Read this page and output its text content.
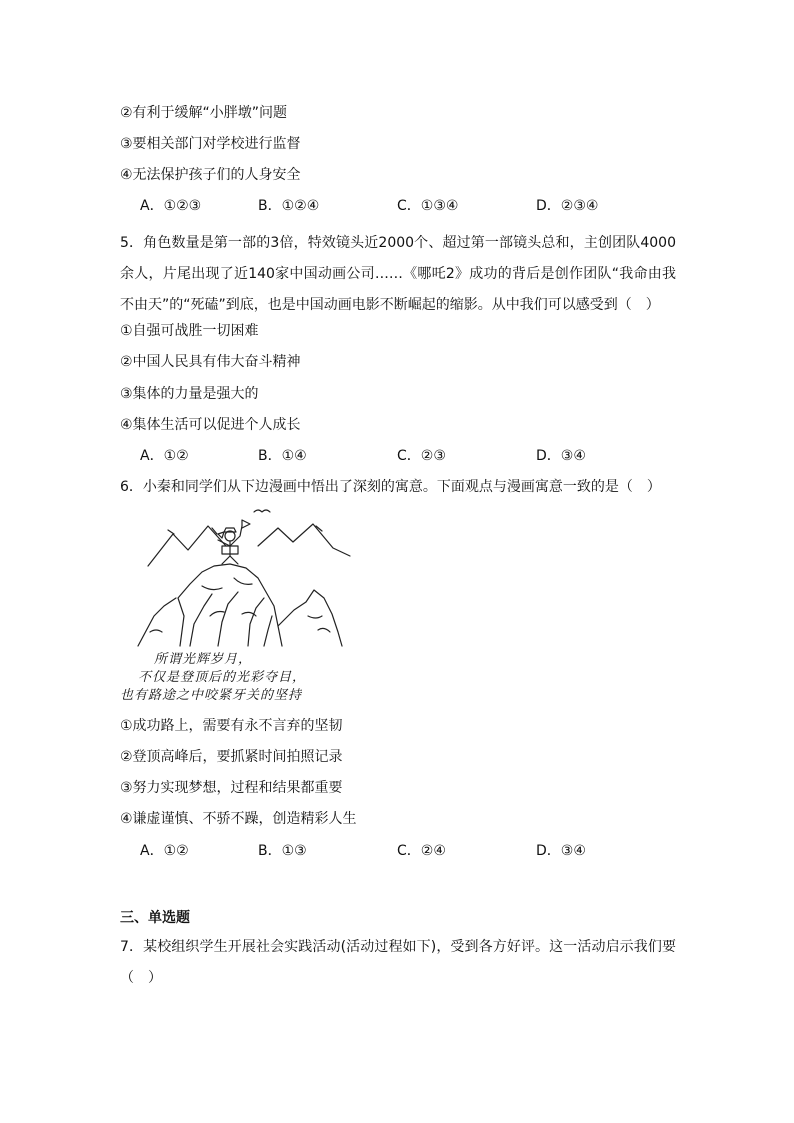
②有利于缓解“小胖墩”问题
③要相关部门对学校进行监督
④无法保护孩子们的人身安全
A．①②③	B．①②④	C．①③④	D．②③④
5．角色数量是第一部的3倍，特效镜头近2000个、超过第一部镜头总和，主创团队4000余人，片尾出现了近140家中国动画公司……《哪吒2》成功的背后是创作团队“我命由我不由天”的“死磕”到底，也是中国动画电影不断崛起的缩影。从中我们可以感受到（　）
①自强可战胜一切困难
②中国人民具有伟大奋斗精神
③集体的力量是强大的
④集体生活可以促进个人成长
A．①②	B．①④	C．②③	D．③④
6．小秦和同学们从下边漫画中悟出了深刻的寓意。下面观点与漫画寓意一致的是（　）
所谓光辉岁月，
不仅是登顶后的光彩夺目，
也有路途之中咬紧牙关的坚持
①成功路上，需要有永不言弃的坚韧
②登顶高峰后，要抓紧时间拍照记录
③努力实现梦想，过程和结果都重要
④谦虚谨慎、不骄不躁，创造精彩人生
A．①②	B．①③	C．②④	D．③④
三、单选题
7．某校组织学生开展社会实践活动(活动过程如下)，受到各方好评。这一活动启示我们要（　）
